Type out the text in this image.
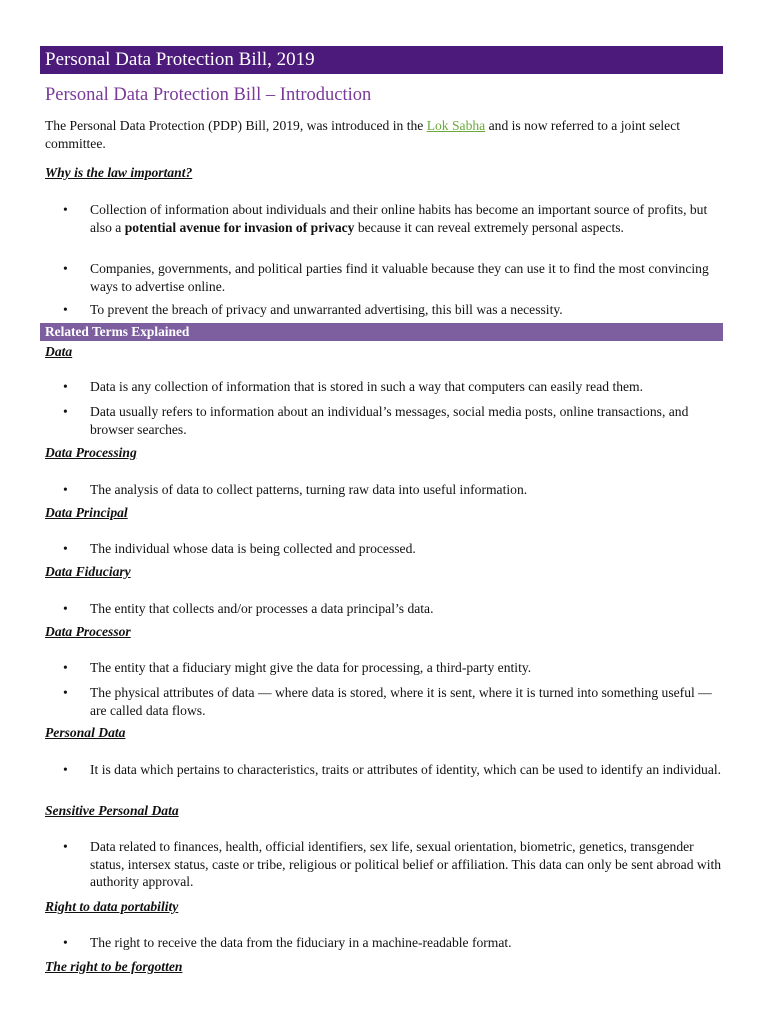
Personal Data Protection Bill, 2019
Personal Data Protection Bill – Introduction
The Personal Data Protection (PDP) Bill, 2019, was introduced in the Lok Sabha and is now referred to a joint select committee.
Why is the law important?
• Collection of information about individuals and their online habits has become an important source of profits, but also a potential avenue for invasion of privacy because it can reveal extremely personal aspects.
• Companies, governments, and political parties find it valuable because they can use it to find the most convincing ways to advertise online.
• To prevent the breach of privacy and unwarranted advertising, this bill was a necessity.
Related Terms Explained
Data
• Data is any collection of information that is stored in such a way that computers can easily read them.
• Data usually refers to information about an individual’s messages, social media posts, online transactions, and browser searches.
Data Processing
• The analysis of data to collect patterns, turning raw data into useful information.
Data Principal
• The individual whose data is being collected and processed.
Data Fiduciary
• The entity that collects and/or processes a data principal’s data.
Data Processor
• The entity that a fiduciary might give the data for processing, a third-party entity.
• The physical attributes of data — where data is stored, where it is sent, where it is turned into something useful — are called data flows.
Personal Data
• It is data which pertains to characteristics, traits or attributes of identity, which can be used to identify an individual.
Sensitive Personal Data
• Data related to finances, health, official identifiers, sex life, sexual orientation, biometric, genetics, transgender status, intersex status, caste or tribe, religious or political belief or affiliation. This data can only be sent abroad with authority approval.
Right to data portability
• The right to receive the data from the fiduciary in a machine-readable format.
The right to be forgotten
